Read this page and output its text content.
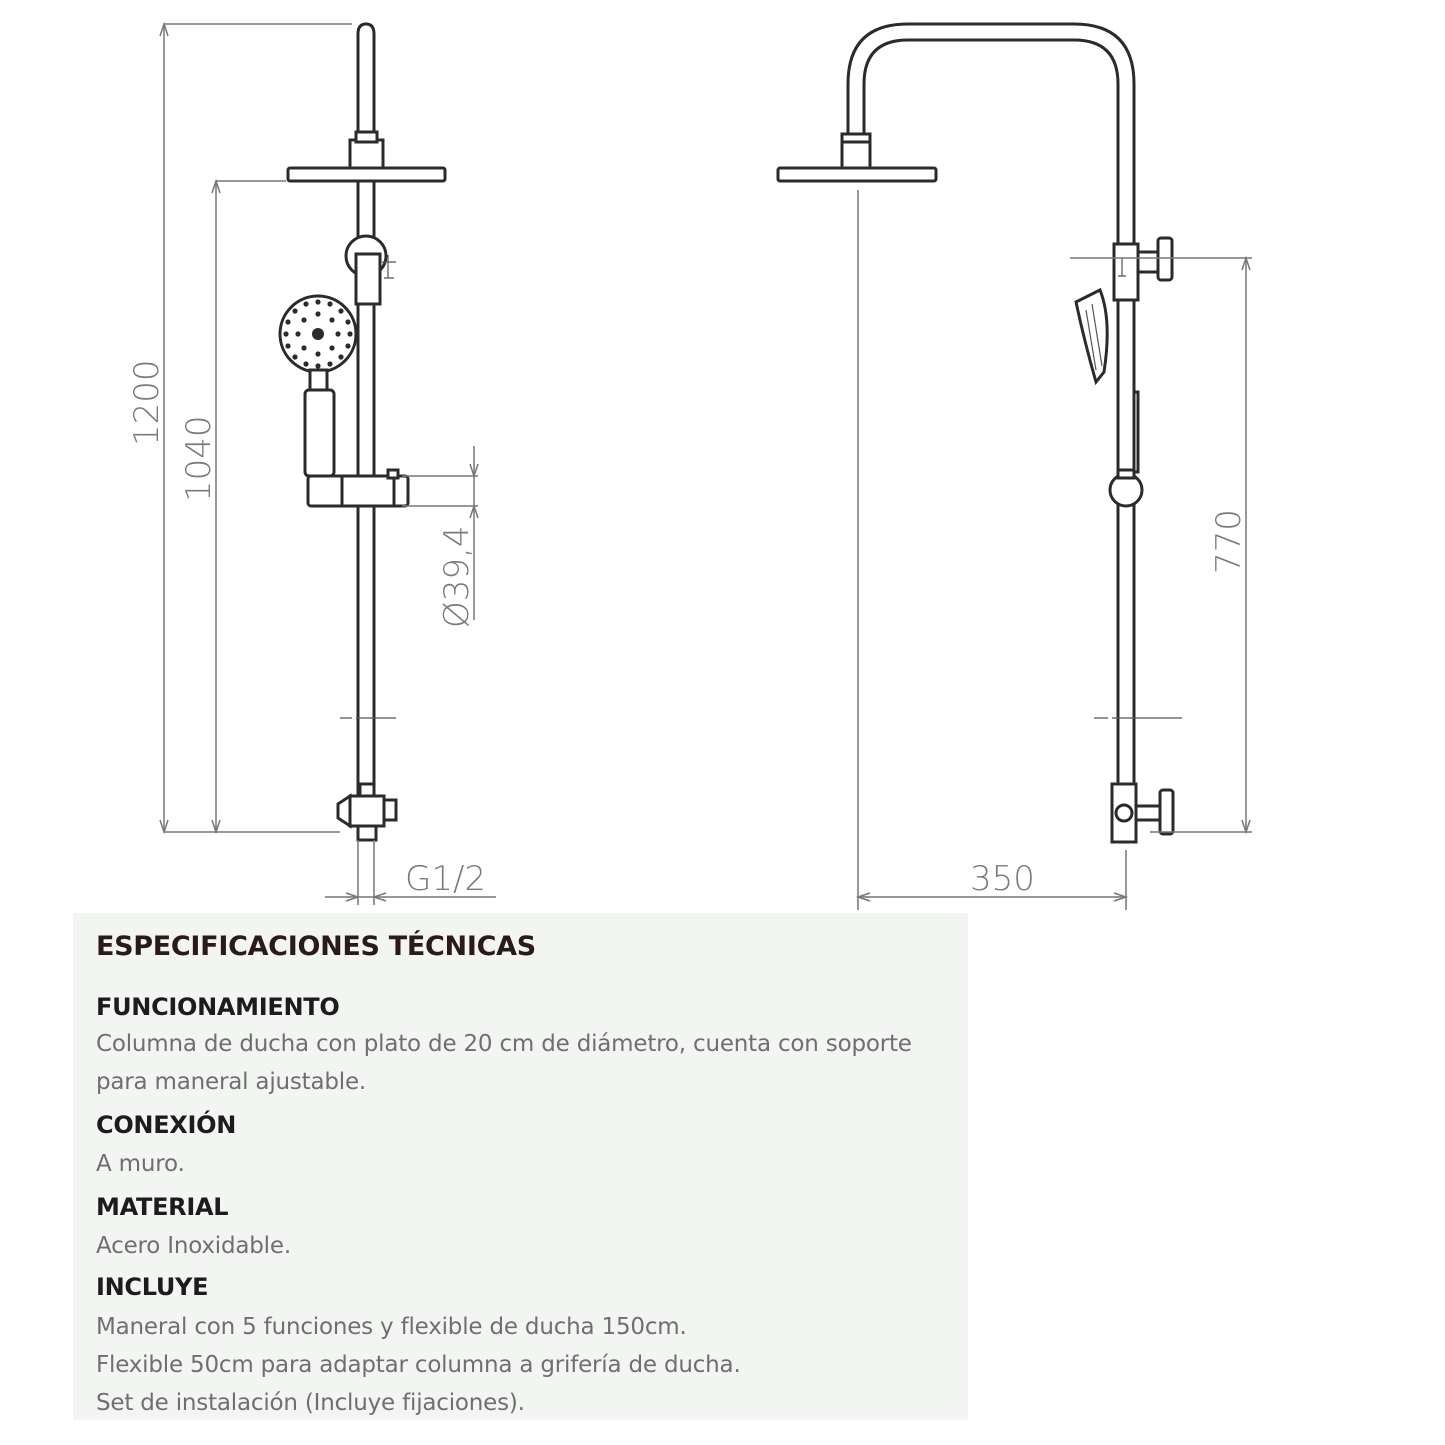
1200
1040
Ø39,4
G1/2
770
350
ESPECIFICACIONES TÉCNICAS
FUNCIONAMIENTO
Columna de ducha con plato de 20 cm de diámetro, cuenta con soporte
para maneral ajustable.
CONEXIÓN
A muro.
MATERIAL
Acero Inoxidable.
INCLUYE
Maneral con 5 funciones y flexible de ducha 150cm.
Flexible 50cm para adaptar columna a grifería de ducha.
Set de instalación (Incluye fijaciones).
